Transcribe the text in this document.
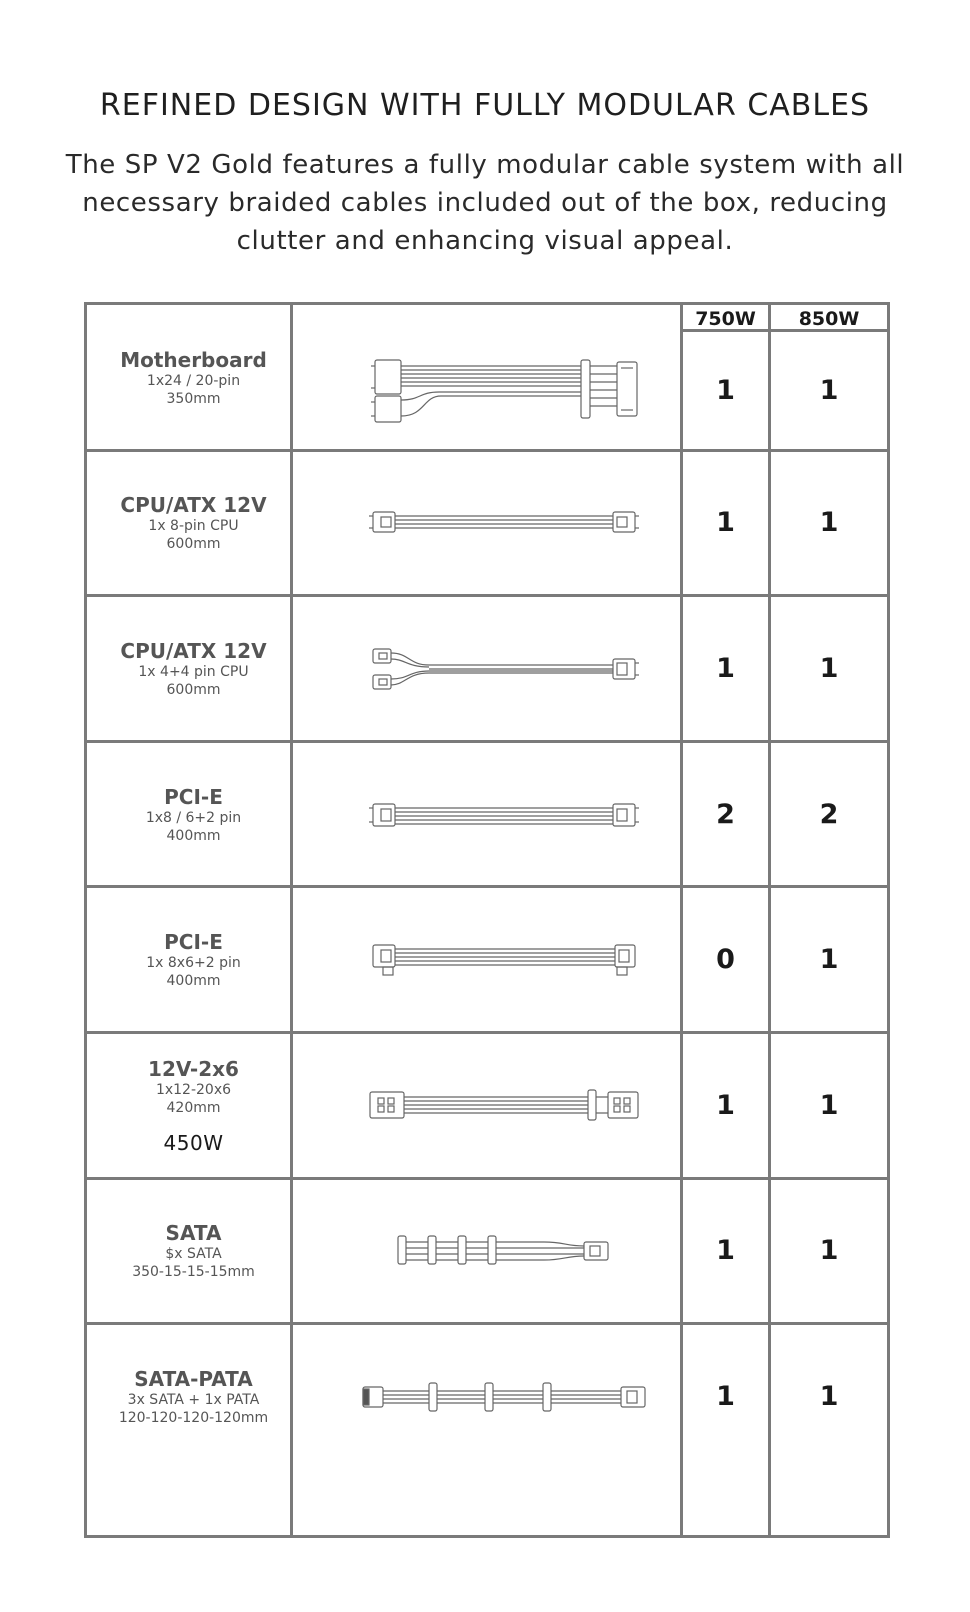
REFINED DESIGN WITH FULLY MODULAR CABLES
The SP V2 Gold features a fully modular cable system with all necessary braided cables included out of the box, reducing clutter and enhancing visual appeal.
750W	850W
Motherboard
1x24 / 20-pin
350mm	1	1
CPU/ATX 12V
1x 8-pin CPU
600mm
1	1
CPU/ATX 12V
1x 4+4 pin CPU
600mm
1	1
PCI-E
1x8 / 6+2 pin
400mm
2	2
PCI-E
1x 8x6+2 pin
400mm
0	1
12V-2x6
1x12-20x6
420mm
450W
1	1
SATA
$x SATA
350-15-15-15mm
1	1
SATA-PATA
3x SATA + 1x PATA
120-120-120-120mm
1	1
